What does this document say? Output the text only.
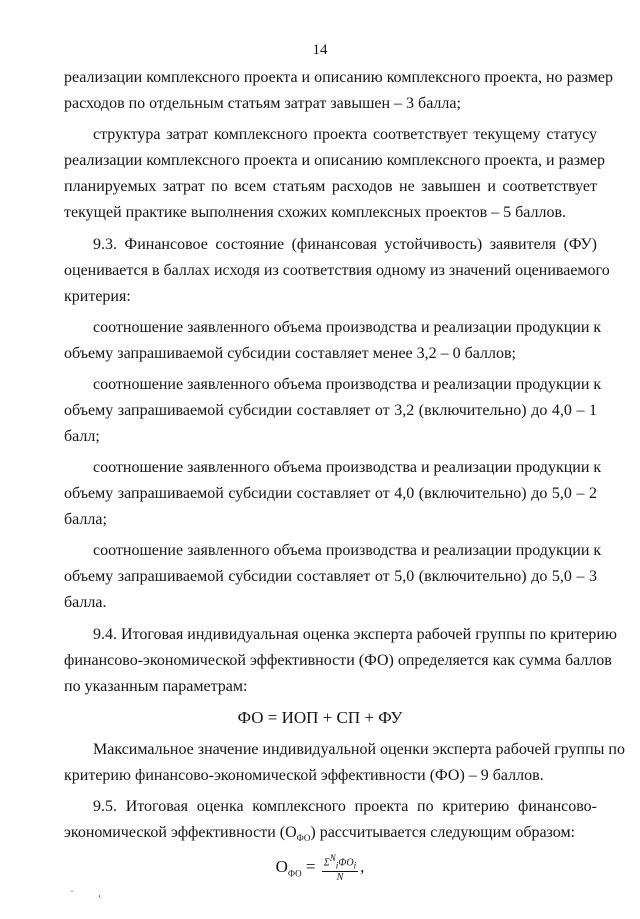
14
реализации комплексного проекта и описанию комплексного проекта, но размер
расходов по отдельным статьям затрат завышен – 3 балла;
структура затрат комплексного проекта соответствует текущему статусу
реализации комплексного проекта и описанию комплексного проекта, и размер
планируемых затрат по всем статьям расходов не завышен и соответствует
текущей практике выполнения схожих комплексных проектов – 5 баллов.
9.3. Финансовое состояние (финансовая устойчивость) заявителя (ФУ)
оценивается в баллах исходя из соответствия одному из значений оцениваемого
критерия:
соотношение заявленного объема производства и реализации продукции к
объему запрашиваемой субсидии составляет менее 3,2 – 0 баллов;
соотношение заявленного объема производства и реализации продукции к
объему запрашиваемой субсидии составляет от 3,2 (включительно) до 4,0 – 1
балл;
соотношение заявленного объема производства и реализации продукции к
объему запрашиваемой субсидии составляет от 4,0 (включительно) до 5,0 – 2
балла;
соотношение заявленного объема производства и реализации продукции к
объему запрашиваемой субсидии составляет от 5,0 (включительно) до 5,0 – 3
балла.
9.4. Итоговая индивидуальная оценка эксперта рабочей группы по критерию
финансово-экономической эффективности (ФО) определяется как сумма баллов
по указанным параметрам:
ФО = ИОП + СП + ФУ
Максимальное значение индивидуальной оценки эксперта рабочей группы по
критерию финансово-экономической эффективности (ФО) – 9 баллов.
9.5. Итоговая оценка комплексного проекта по критерию финансово-
экономической эффективности $(О_{ФО})$ рассчитывается следующим образом:
$О_{ФО} = \frac{\Sigma^N_iФО_i}{N}$ ,
· ˛
